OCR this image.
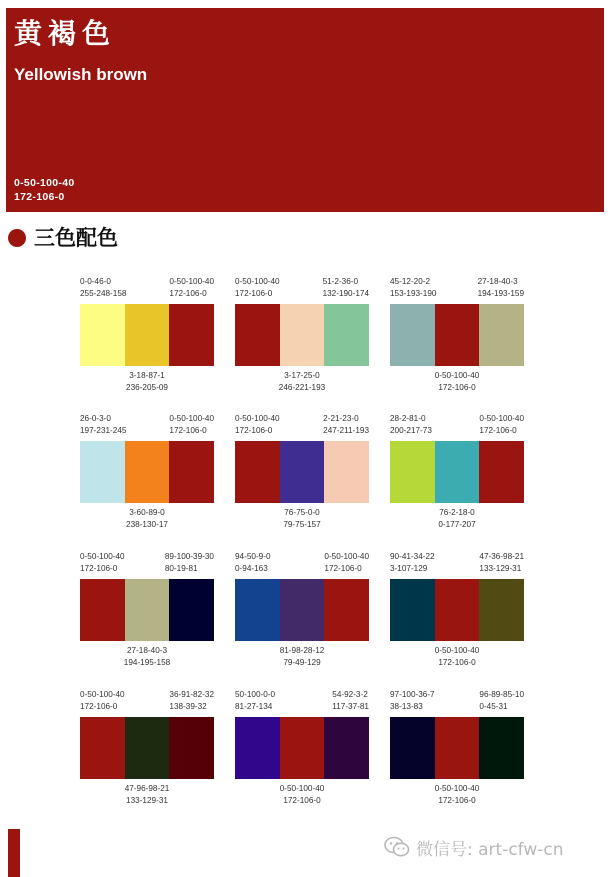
黄褐色
Yellowish brown
0-50-100-40
172-106-0
三色配色
0-0-46-0
255-248-158
0-50-100-40
172-106-0
3-18-87-1
236-205-09
0-50-100-40
172-106-0
51-2-36-0
132-190-174
3-17-25-0
246-221-193
45-12-20-2
153-193-190
27-18-40-3
194-193-159
0-50-100-40
172-106-0
26-0-3-0
197-231-245
0-50-100-40
172-106-0
3-60-89-0
238-130-17
0-50-100-40
172-106-0
2-21-23-0
247-211-193
76-75-0-0
79-75-157
28-2-81-0
200-217-73
0-50-100-40
172-106-0
76-2-18-0
0-177-207
0-50-100-40
172-106-0
89-100-39-30
80-19-81
27-18-40-3
194-195-158
94-50-9-0
0-94-163
0-50-100-40
172-106-0
81-98-28-12
79-49-129
90-41-34-22
3-107-129
47-36-98-21
133-129-31
0-50-100-40
172-106-0
0-50-100-40
172-106-0
36-91-82-32
138-39-32
47-96-98-21
133-129-31
50-100-0-0
81-27-134
54-92-3-2
117-37-81
0-50-100-40
172-106-0
97-100-36-7
38-13-83
96-89-85-10
0-45-31
0-50-100-40
172-106-0
微信号: art-cfw-cn
